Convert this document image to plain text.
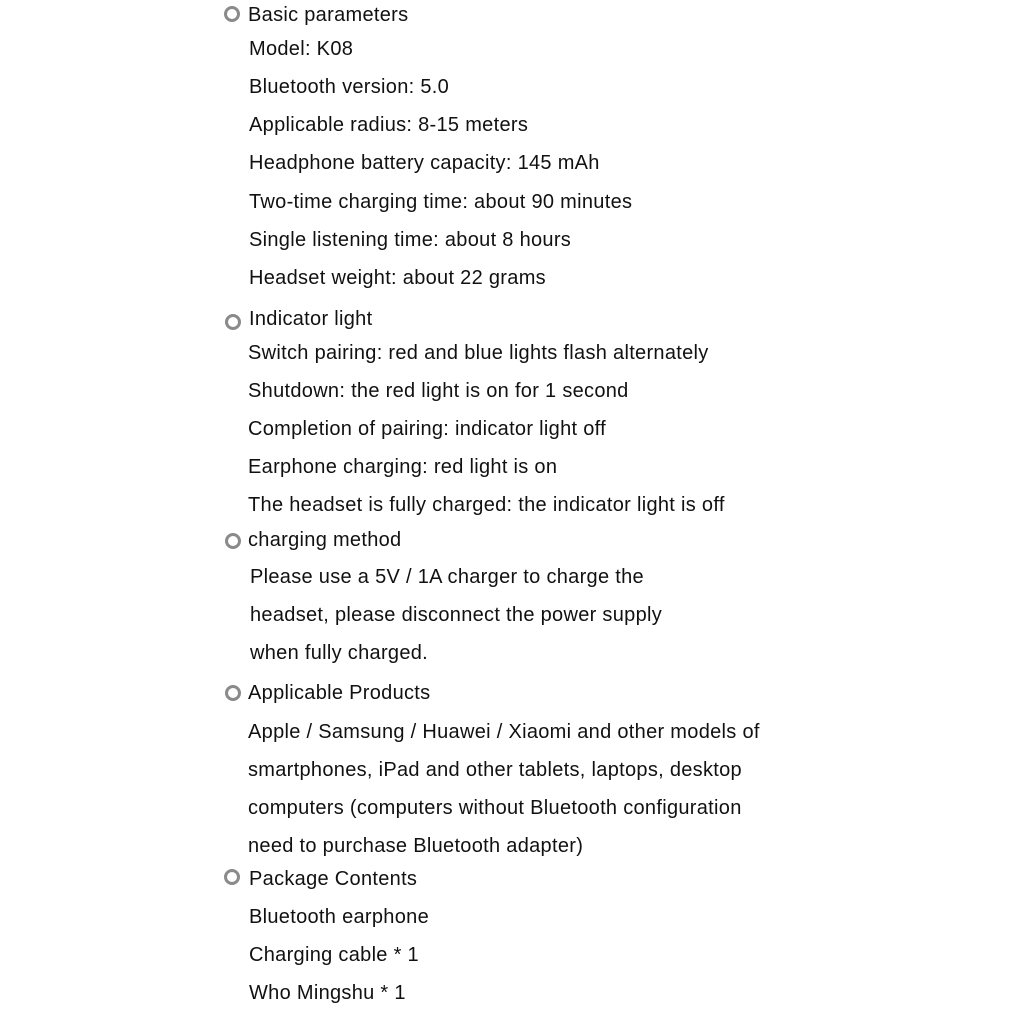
Basic parameters
Model: K08
Bluetooth version: 5.0
Applicable radius: 8-15 meters
Headphone battery capacity: 145 mAh
Two-time charging time: about 90 minutes
Single listening time: about 8 hours
Headset weight: about 22 grams
Indicator light
Switch pairing: red and blue lights flash alternately
Shutdown: the red light is on for 1 second
Completion of pairing: indicator light off
Earphone charging: red light is on
The headset is fully charged: the indicator light is off
charging method
Please use a 5V / 1A charger to charge the
headset, please disconnect the power supply
when fully charged.
Applicable Products
Apple / Samsung / Huawei / Xiaomi and other models of
smartphones, iPad and other tablets, laptops, desktop
computers (computers without Bluetooth configuration
need to purchase Bluetooth adapter)
Package Contents
Bluetooth earphone
Charging cable * 1
Who Mingshu * 1
